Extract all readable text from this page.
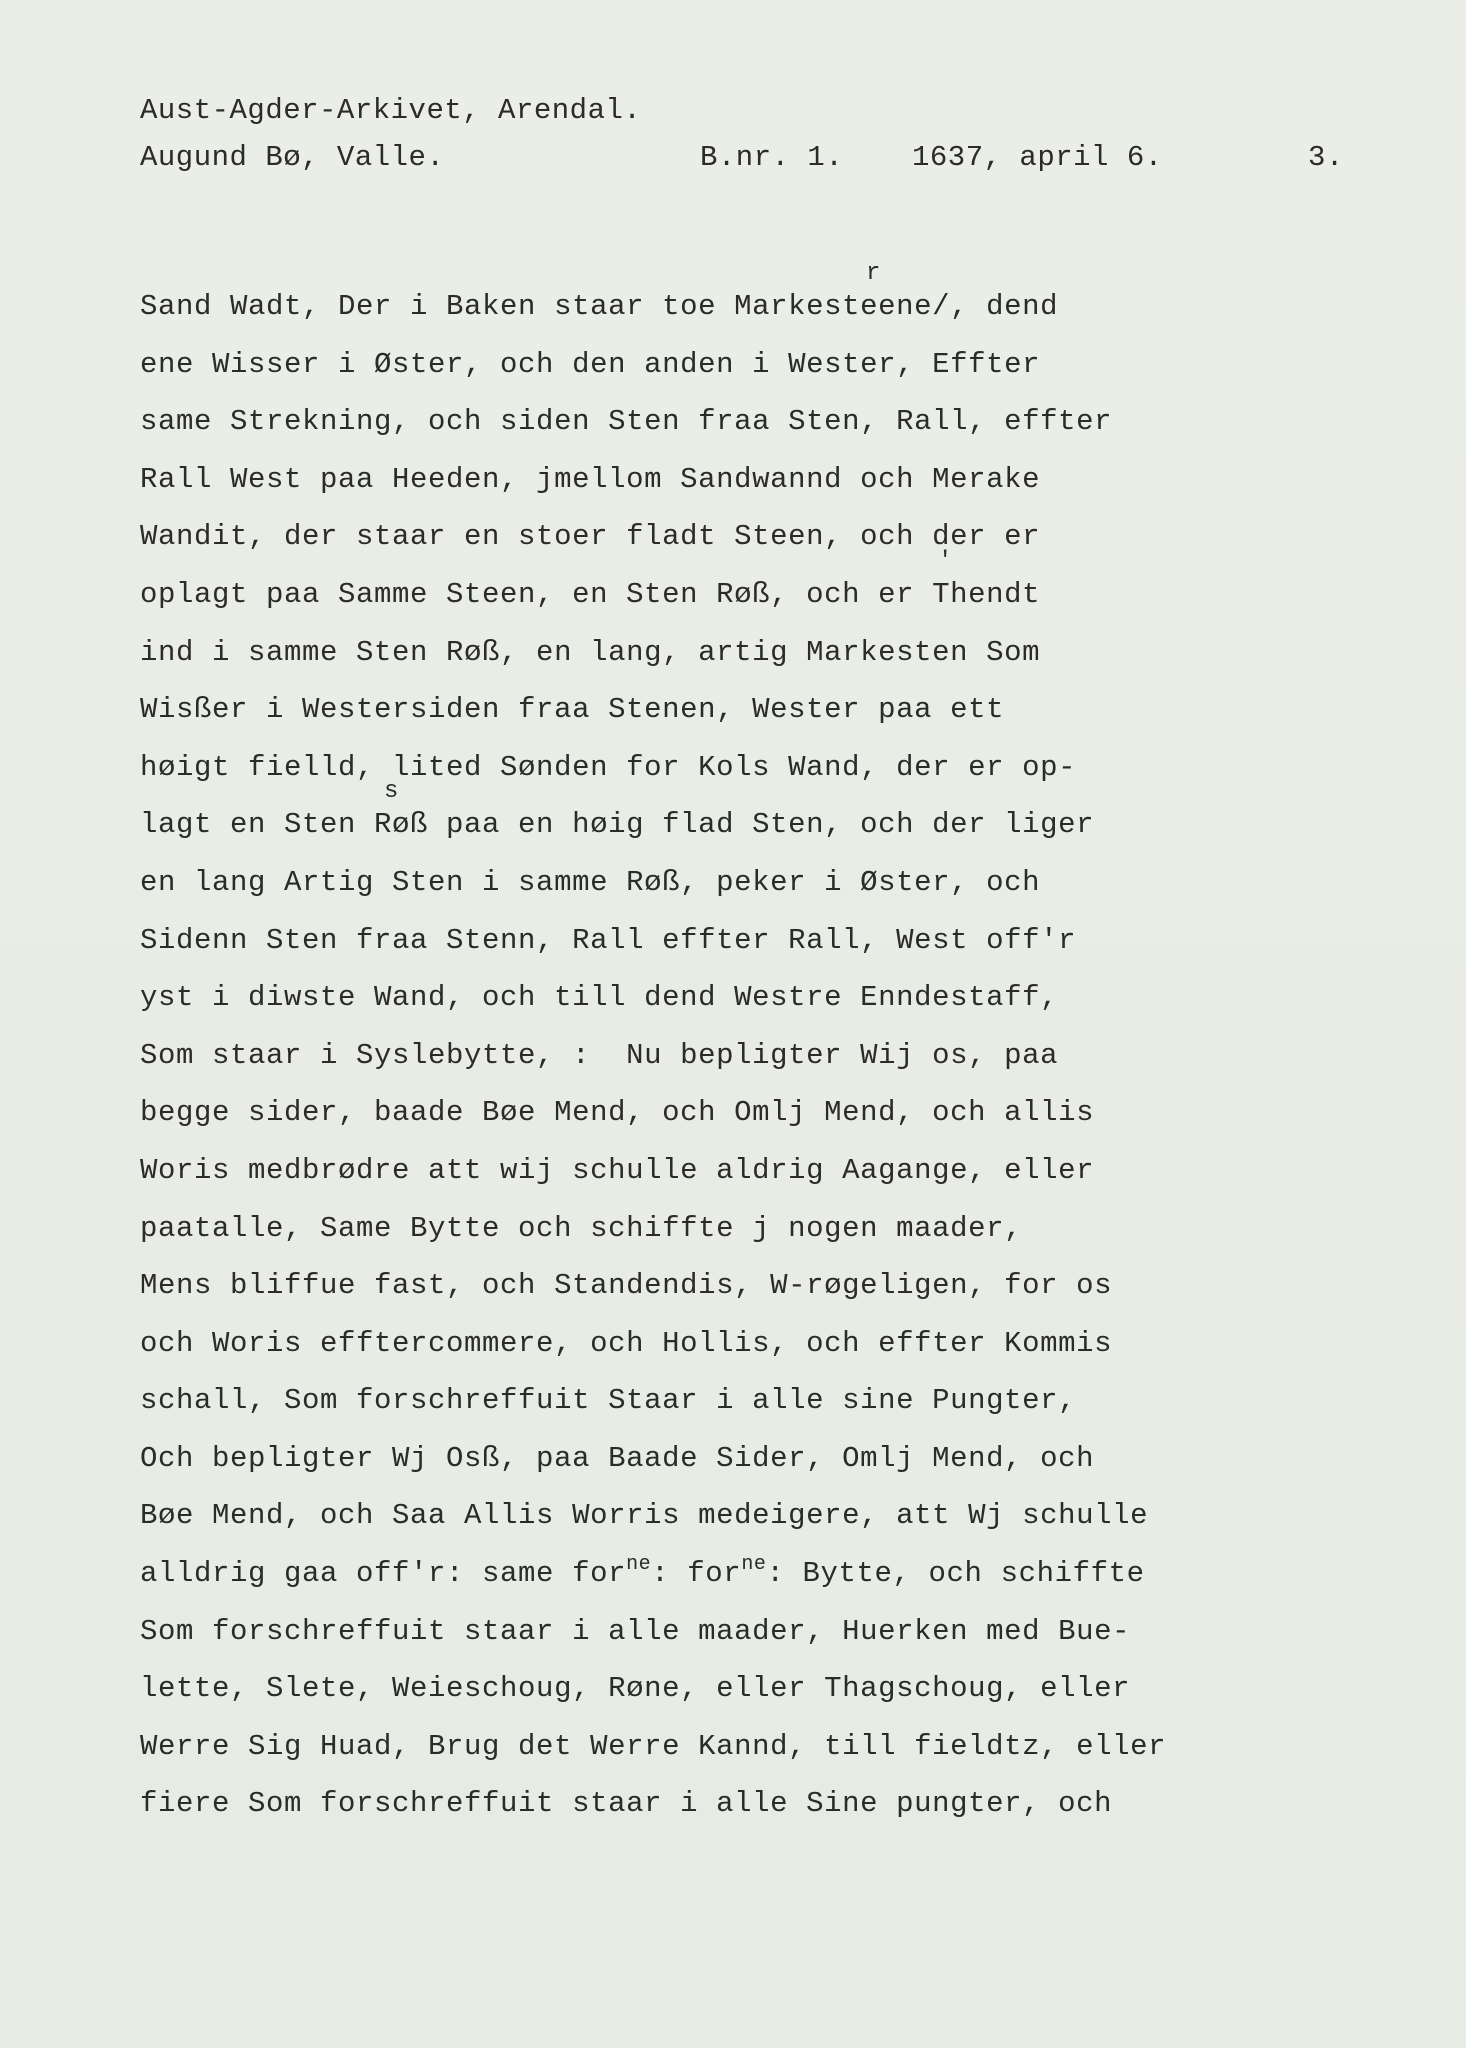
Aust-Agder-Arkivet, Arendal.
Augund Bø, Valle.	B.nr. 1. 1637, april 6.	3.
r
'
s
Sand Wadt, Der i Baken staar toe Markesteene/, dend
ene Wisser i Øster, och den anden i Wester, Effter
same Strekning, och siden Sten fraa Sten, Rall, effter
Rall West paa Heeden, jmellom Sandwannd och Merake
Wandit, der staar en stoer fladt Steen, och der er
oplagt paa Samme Steen, en Sten Røß, och er Thendt
ind i samme Sten Røß, en lang, artig Markesten Som
Wisßer i Westersiden fraa Stenen, Wester paa ett
høigt fielld, lited Sønden for Kols Wand, der er op-
lagt en Sten Røß paa en høig flad Sten, och der liger
en lang Artig Sten i samme Røß, peker i Øster, och
Sidenn Sten fraa Stenn, Rall effter Rall, West off'r
yst i diwste Wand, och till dend Westre Enndestaff,
Som staar i Syslebytte, :  Nu bepligter Wij os, paa
begge sider, baade Bøe Mend, och Omlj Mend, och allis
Woris medbrødre att wij schulle aldrig Aagange, eller
paatalle, Same Bytte och schiffte j nogen maader,
Mens bliffue fast, och Standendis, W-røgeligen, for os
och Woris efftercommere, och Hollis, och effter Kommis
schall, Som forschreffuit Staar i alle sine Pungter,
Och bepligter Wj Osß, paa Baade Sider, Omlj Mend, och
Bøe Mend, och Saa Allis Worris medeigere, att Wj schulle
alldrig gaa off'r: same for$^{ne}$: for$^{ne}$: Bytte, och schiffte
Som forschreffuit staar i alle maader, Huerken med Bue-
lette, Slete, Weieschoug, Røne, eller Thagschoug, eller
Werre Sig Huad, Brug det Werre Kannd, till fieldtz, eller
fiere Som forschreffuit staar i alle Sine pungter, och
